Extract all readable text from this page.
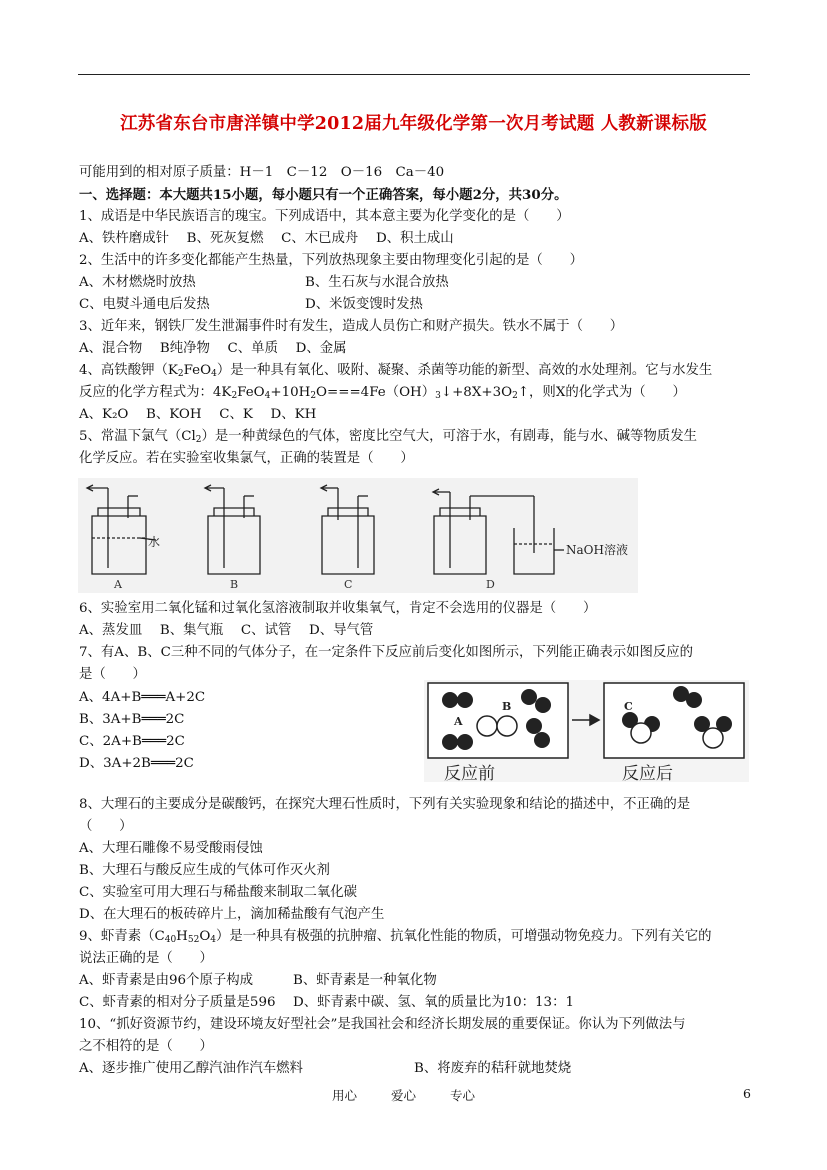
江苏省东台市唐洋镇中学2012届九年级化学第一次月考试题 人教新课标版
可能用到的相对原子质量：H－1　C－12　O－16　Ca－40
一、选择题：本大题共15小题，每小题只有一个正确答案，每小题2分，共30分。
1、成语是中华民族语言的瑰宝。下列成语中，其本意主要为化学变化的是（　　）
A、铁杵磨成针　 B、死灰复燃　 C、木已成舟　 D、积土成山
2、生活中的许多变化都能产生热量，下列放热现象主要由物理变化引起的是（　　）
A、木材燃烧时放热	B、生石灰与水混合放热
C、电熨斗通电后发热	D、米饭变馊时发热
3、近年来，钢铁厂发生泄漏事件时有发生，造成人员伤亡和财产损失。铁水不属于（　　）
A、混合物　 B纯净物　 C、单质　 D、金属
4、高铁酸钾$(K_2FeO_4)$是一种具有氧化、吸附、凝聚、杀菌等功能的新型、高效的水处理剂。它与水发生
反应的化学方程式为：$4K_2FeO_4+10H_2O===4Fe(OH)_3↓+8X+3O_2↑$，则X的化学式为（　　）
A、K₂O　 B、KOH　 C、K　 D、KH
5、常温下氯气$(Cl_2)$是一种黄绿色的气体，密度比空气大，可溶于水，有剧毒，能与水、碱等物质发生
化学反应。若在实验室收集氯气，正确的装置是（　　）
水
NaOH溶液
A	B	C	D
6、实验室用二氧化锰和过氧化氢溶液制取并收集氧气，肯定不会选用的仪器是（　　）
A、蒸发皿　 B、集气瓶　 C、试管　 D、导气管
7、有A、B、C三种不同的气体分子，在一定条件下反应前后变化如图所示，下列能正确表示如图反应的
是（　　）
A、4A+B═══A+2C
B、3A+B═══2C
C、2A+B═══2C
D、3A+2B═══2C
A
B	C
反应前	反应后
8、大理石的主要成分是碳酸钙，在探究大理石性质时，下列有关实验现象和结论的描述中，不正确的是
（　　）
A、大理石雕像不易受酸雨侵蚀
B、大理石与酸反应生成的气体可作灭火剂
C、实验室可用大理石与稀盐酸来制取二氧化碳
D、在大理石的板砖碎片上，滴加稀盐酸有气泡产生
9、虾青素$(C_{40}H_{52}O_4)$是一种具有极强的抗肿瘤、抗氧化性能的物质，可增强动物免疫力。下列有关它的
说法正确的是（　　）
A、虾青素是由96个原子构成	B、虾青素是一种氧化物
C、虾青素的相对分子质量是596 D、虾青素中碳、氢、氧的质量比为10：13：1
10、“抓好资源节约，建设环境友好型社会”是我国社会和经济长期发展的重要保证。你认为下列做法与
之不相符的是（　　）
A、逐步推广使用乙醇汽油作汽车燃料	B、将废弃的秸秆就地焚烧
用心	爱心	专心	6
